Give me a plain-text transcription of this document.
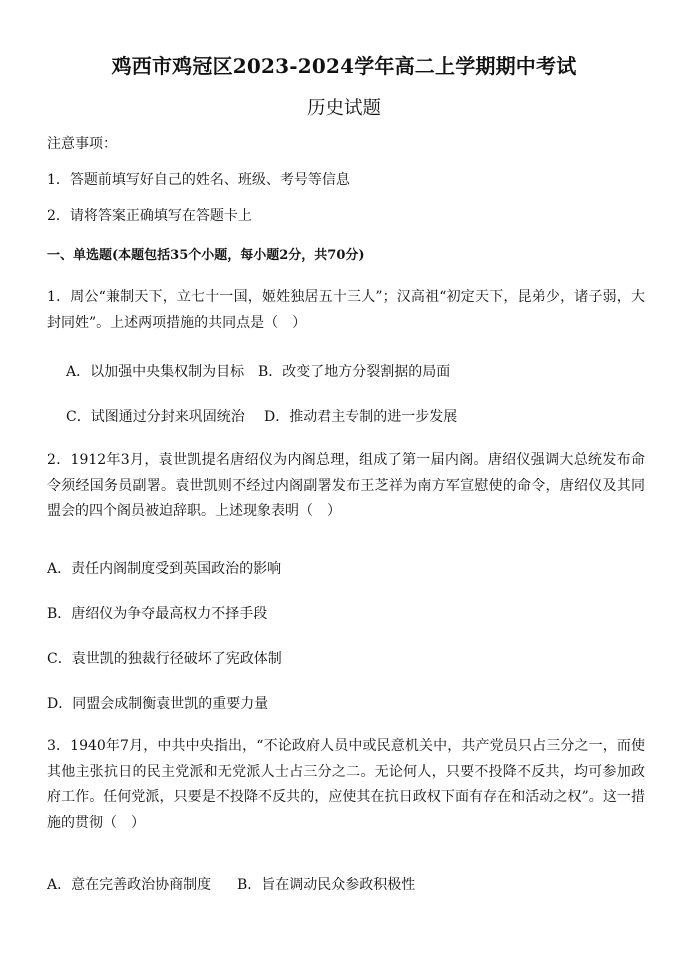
鸡西市鸡冠区2023-2024学年高二上学期期中考试
历史试题
注意事项：
1．答题前填写好自己的姓名、班级、考号等信息
2．请将答案正确填写在答题卡上
一、单选题(本题包括35个小题，每小题2分，共70分)
1．周公“兼制天下，立七十一国，姬姓独居五十三人”；汉高祖“初定天下，昆弟少，诸子弱，大封同姓”。上述两项措施的共同点是（　）
A．以加强中央集权制为目标 B．改变了地方分裂割据的局面
C．试图通过分封来巩固统治 D．推动君主专制的进一步发展
2．1912年3月，袁世凯提名唐绍仪为内阁总理，组成了第一届内阁。唐绍仪强调大总统发布命令须经国务员副署。袁世凯则不经过内阁副署发布王芝祥为南方军宣慰使的命令，唐绍仪及其同盟会的四个阁员被迫辞职。上述现象表明（　）
A．责任内阁制度受到英国政治的影响
B．唐绍仪为争夺最高权力不择手段
C．袁世凯的独裁行径破坏了宪政体制
D．同盟会成制衡袁世凯的重要力量
3．1940年7月，中共中央指出，“不论政府人员中或民意机关中，共产党员只占三分之一，而使其他主张抗日的民主党派和无党派人士占三分之二。无论何人，只要不投降不反共，均可参加政府工作。任何党派，只要是不投降不反共的，应使其在抗日政权下面有存在和活动之权”。这一措施的贯彻（　）
A．意在完善政治协商制度 B．旨在调动民众参政积极性
